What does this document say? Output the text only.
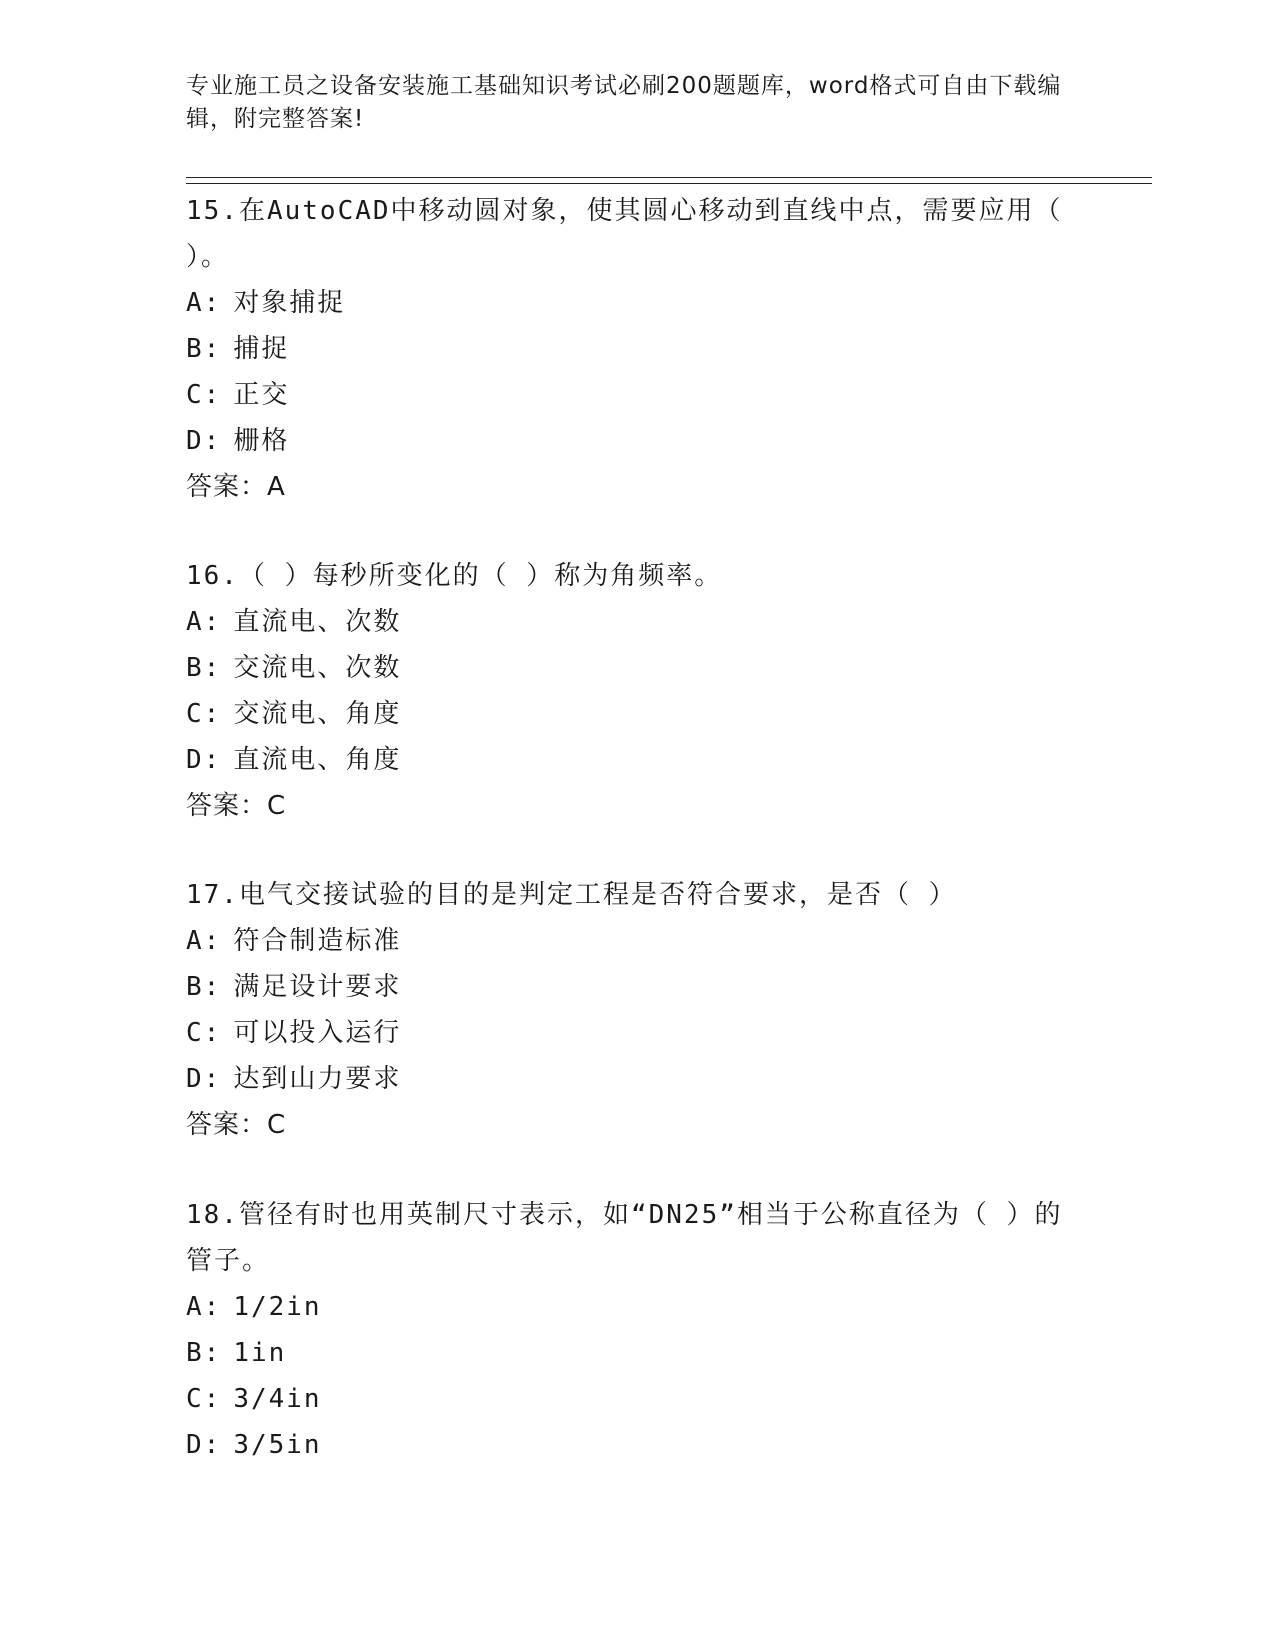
专业施工员之设备安装施工基础知识考试必刷200题题库，word格式可自由下载编辑，附完整答案!

15.在AutoCAD中移动圆对象，使其圆心移动到直线中点，需要应用（ ）。

A: 对象捕捉
B: 捕捉
C: 正交
D: 栅格
答案：A

16.（ ）每秒所变化的（ ）称为角频率。

A: 直流电、次数
B: 交流电、次数
C: 交流电、角度
D: 直流电、角度
答案：C

17.电气交接试验的目的是判定工程是否符合要求，是否（ ）

A: 符合制造标准
B: 满足设计要求
C: 可以投入运行
D: 达到山力要求
答案：C

18.管径有时也用英制尺寸表示，如“DN25”相当于公称直径为（ ）的管子。

A: 1/2in
B: 1in
C: 3/4in
D: 3/5in
